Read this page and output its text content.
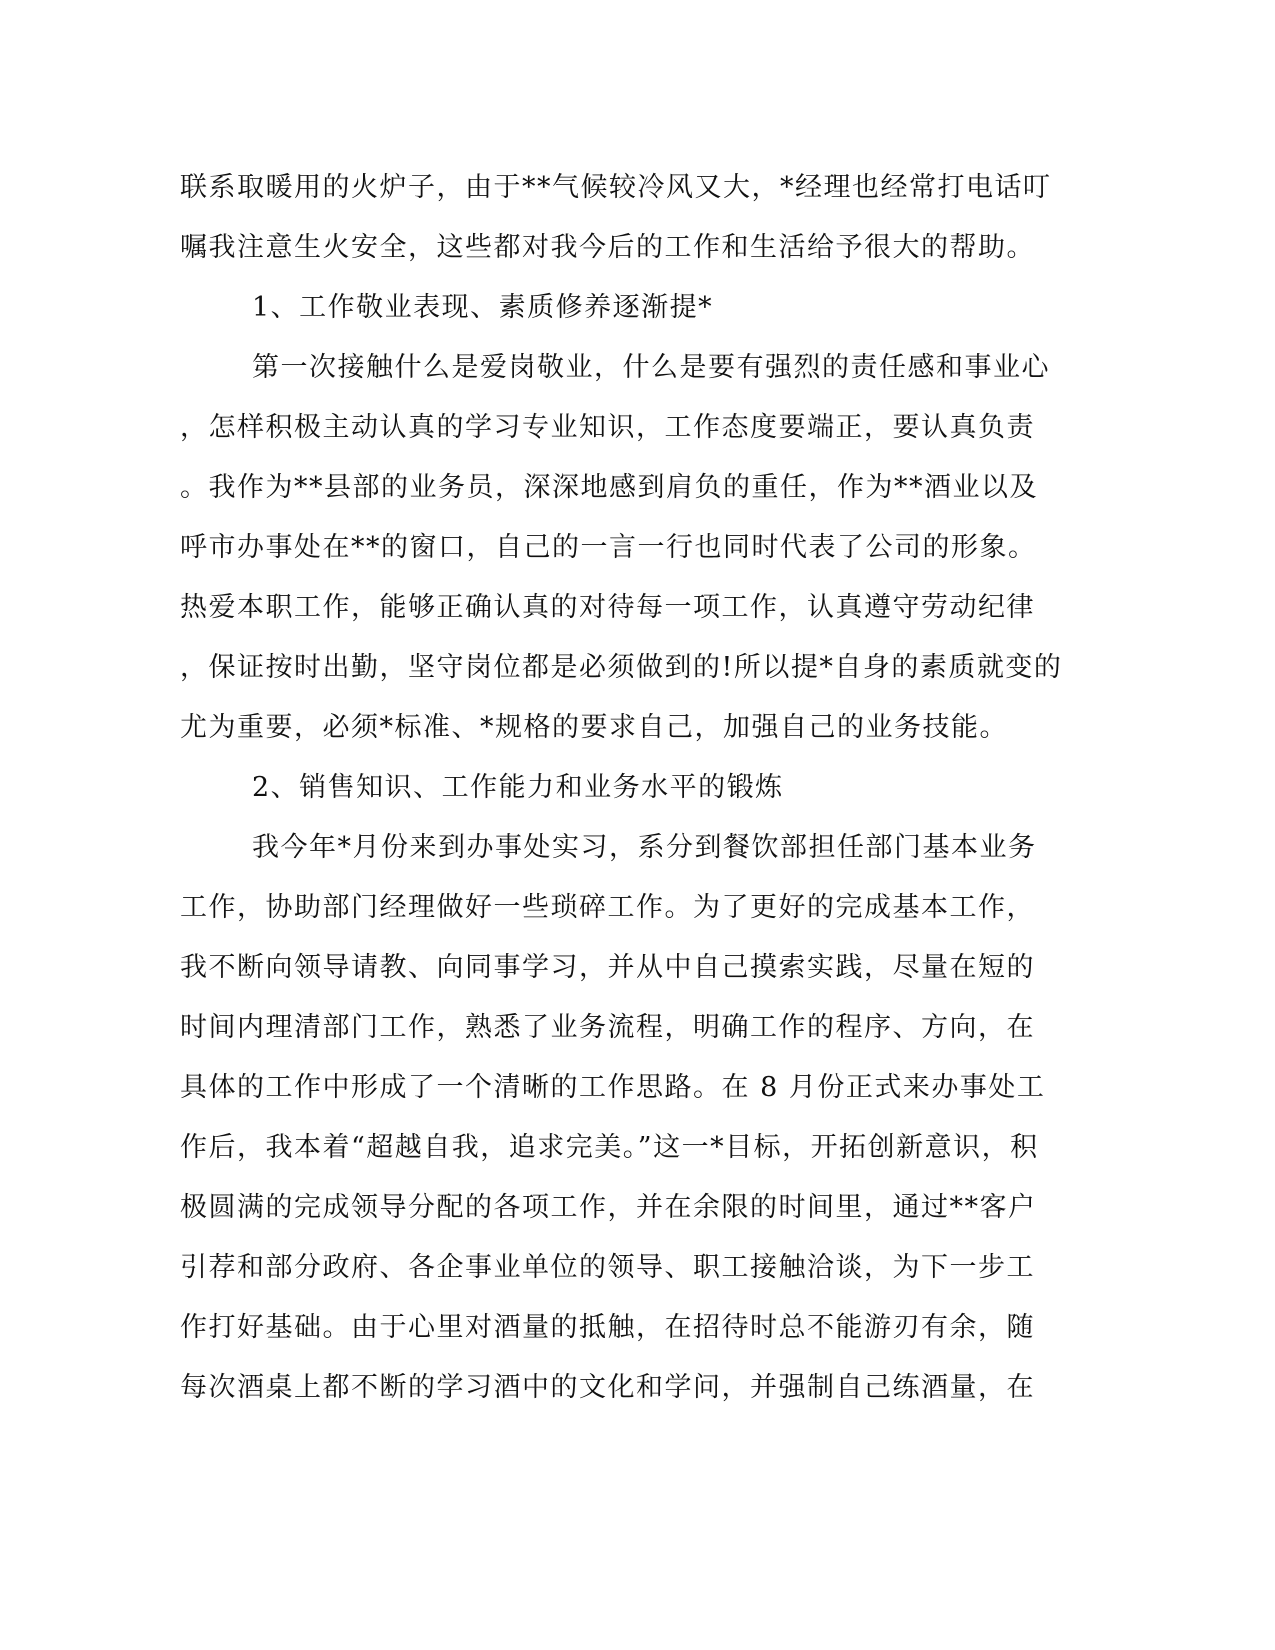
联系取暖用的火炉子，由于**气候较冷风又大，*经理也经常打电话叮
嘱我注意生火安全，这些都对我今后的工作和生活给予很大的帮助。
1、工作敬业表现、素质修养逐渐提*
第一次接触什么是爱岗敬业，什么是要有强烈的责任感和事业心
，怎样积极主动认真的学习专业知识，工作态度要端正，要认真负责
。我作为**县部的业务员，深深地感到肩负的重任，作为**酒业以及
呼市办事处在**的窗口，自己的一言一行也同时代表了公司的形象。
热爱本职工作，能够正确认真的对待每一项工作，认真遵守劳动纪律
，保证按时出勤，坚守岗位都是必须做到的!所以提*自身的素质就变的
尤为重要，必须*标准、*规格的要求自己，加强自己的业务技能。
2、销售知识、工作能力和业务水平的锻炼
我今年*月份来到办事处实习，系分到餐饮部担任部门基本业务
工作，协助部门经理做好一些琐碎工作。为了更好的完成基本工作，
我不断向领导请教、向同事学习，并从中自己摸索实践，尽量在短的
时间内理清部门工作，熟悉了业务流程，明确工作的程序、方向，在
具体的工作中形成了一个清晰的工作思路。在 8 月份正式来办事处工
作后，我本着“超越自我，追求完美。”这一*目标，开拓创新意识，积
极圆满的完成领导分配的各项工作，并在余限的时间里，通过**客户
引荐和部分政府、各企事业单位的领导、职工接触洽谈，为下一步工
作打好基础。由于心里对酒量的抵触，在招待时总不能游刃有余，随
每次酒桌上都不断的学习酒中的文化和学问，并强制自己练酒量，在
